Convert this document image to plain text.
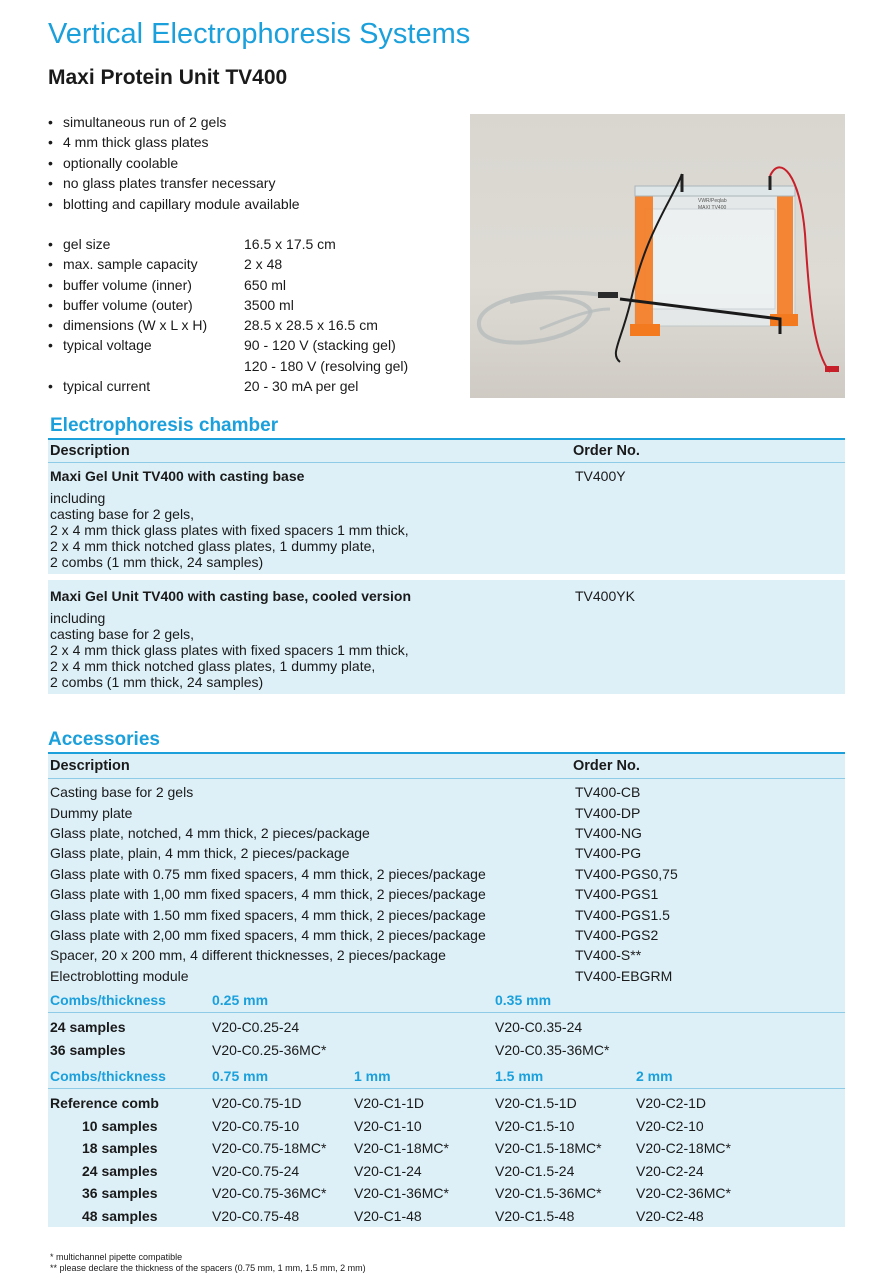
Vertical Electrophoresis Systems
Maxi Protein Unit TV400
• simultaneous run of 2 gels
• 4 mm thick glass plates
• optionally coolable
• no glass plates transfer necessary
• blotting and capillary module available
• gel size	16.5 x 17.5 cm
• max. sample capacity	2 x 48
• buffer volume (inner)	650 ml
• buffer volume (outer)	3500 ml
• dimensions (W x L x H)	28.5 x 28.5 x 16.5 cm
• typical voltage	90 - 120 V (stacking gel)
120 - 180 V (resolving gel)
• typical current	20 - 30 mA per gel
VWR/Peqlab
MAXI TV400
Electrophoresis chamber
Description	Order No.
Maxi Gel Unit TV400 with casting base	TV400Y
including
casting base for 2 gels,
2 x 4 mm thick glass plates with fixed spacers 1 mm thick,
2 x 4 mm thick notched glass plates, 1 dummy plate,
2 combs (1 mm thick, 24 samples)
Maxi Gel Unit TV400 with casting base, cooled version	TV400YK
including
casting base for 2 gels,
2 x 4 mm thick glass plates with fixed spacers 1 mm thick,
2 x 4 mm thick notched glass plates, 1 dummy plate,
2 combs (1 mm thick, 24 samples)
Accessories
Description	Order No.
Casting base for 2 gels	TV400-CB
Dummy plate	TV400-DP
Glass plate, notched, 4 mm thick, 2 pieces/package	TV400-NG
Glass plate, plain, 4 mm thick, 2 pieces/package	TV400-PG
Glass plate with 0.75 mm fixed spacers, 4 mm thick, 2 pieces/package	TV400-PGS0,75
Glass plate with 1,00 mm fixed spacers, 4 mm thick, 2 pieces/package	TV400-PGS1
Glass plate with 1.50 mm fixed spacers, 4 mm thick, 2 pieces/package	TV400-PGS1.5
Glass plate with 2,00 mm fixed spacers, 4 mm thick, 2 pieces/package	TV400-PGS2
Spacer, 20 x 200 mm, 4 different thicknesses, 2 pieces/package	TV400-S**
Electroblotting module	TV400-EBGRM
Combs/thickness	0.25 mm	0.35 mm
24 samples	V20-C0.25-24	V20-C0.35-24
36 samples	V20-C0.25-36MC*	V20-C0.35-36MC*
Combs/thickness	0.75 mm	1 mm	1.5 mm	2 mm
Reference comb	V20-C0.75-1D	V20-C1-1D	V20-C1.5-1D	V20-C2-1D
10 samples	V20-C0.75-10	V20-C1-10	V20-C1.5-10	V20-C2-10
18 samples	V20-C0.75-18MC*	V20-C1-18MC*	V20-C1.5-18MC*	V20-C2-18MC*
24 samples	V20-C0.75-24	V20-C1-24	V20-C1.5-24	V20-C2-24
36 samples	V20-C0.75-36MC*	V20-C1-36MC*	V20-C1.5-36MC*	V20-C2-36MC*
48 samples	V20-C0.75-48	V20-C1-48	V20-C1.5-48	V20-C2-48
* multichannel pipette compatible
** please declare the thickness of the spacers (0.75 mm, 1 mm, 1.5 mm, 2 mm)
